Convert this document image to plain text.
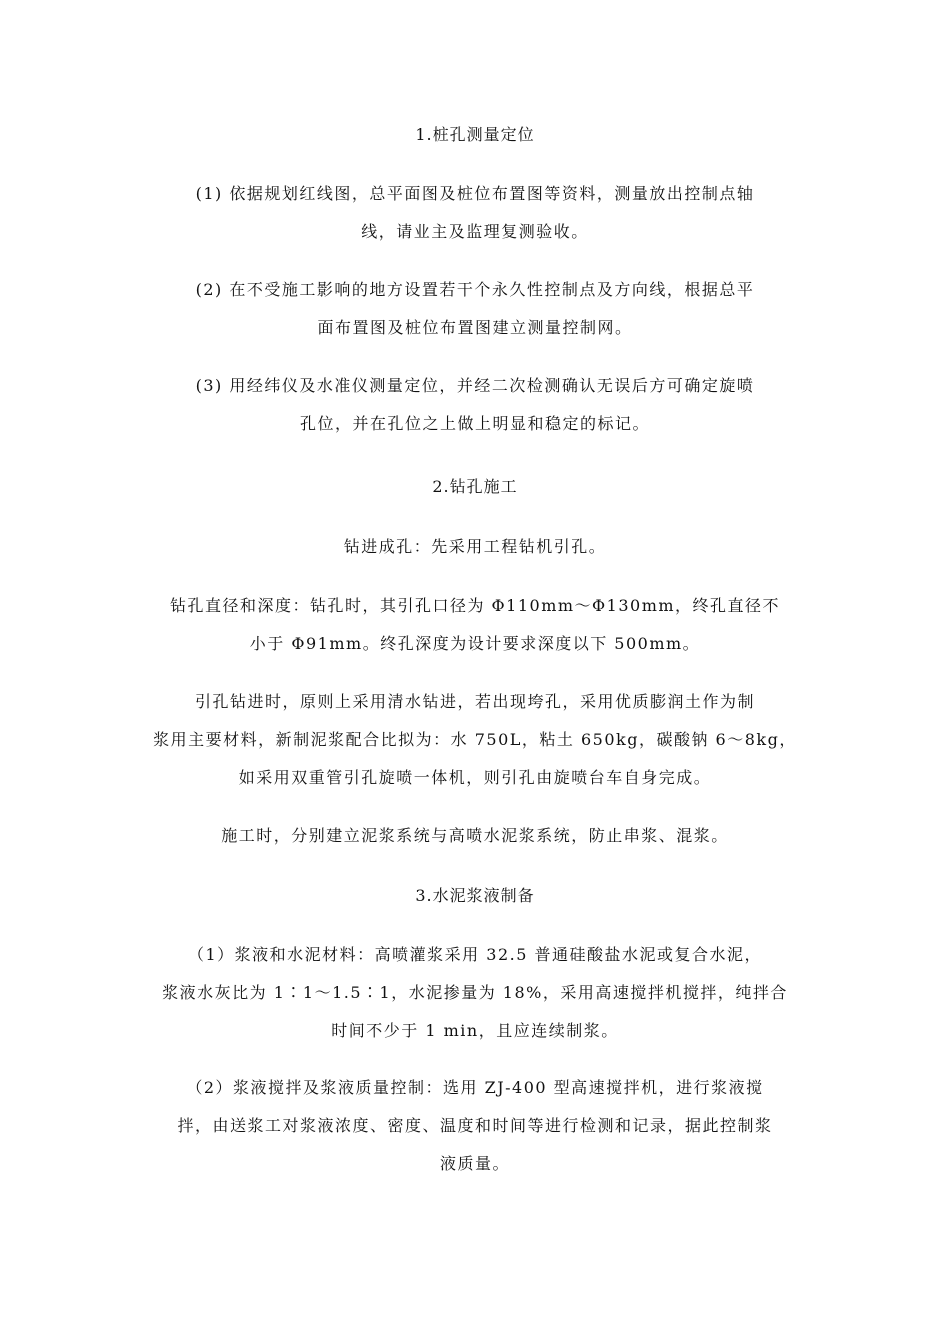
1.桩孔测量定位
(1) 依据规划红线图，总平面图及桩位布置图等资料，测量放出控制点轴
线，请业主及监理复测验收。
(2) 在不受施工影响的地方设置若干个永久性控制点及方向线，根据总平
面布置图及桩位布置图建立测量控制网。
(3) 用经纬仪及水准仪测量定位，并经二次检测确认无误后方可确定旋喷
孔位，并在孔位之上做上明显和稳定的标记。
2.钻孔施工
钻进成孔：先采用工程钻机引孔。
钻孔直径和深度：钻孔时，其引孔口径为 Φ110mm～Φ130mm，终孔直径不
小于 Φ91mm。终孔深度为设计要求深度以下 500mm。
引孔钻进时，原则上采用清水钻进，若出现垮孔，采用优质膨润土作为制
浆用主要材料，新制泥浆配合比拟为：水 750L，粘土 650kg，碳酸钠 6～8kg，
如采用双重管引孔旋喷一体机，则引孔由旋喷台车自身完成。
施工时，分别建立泥浆系统与高喷水泥浆系统，防止串浆、混浆。
3.水泥浆液制备
（1）浆液和水泥材料：高喷灌浆采用 32.5 普通硅酸盐水泥或复合水泥，
浆液水灰比为 1∶1～1.5∶1，水泥掺量为 18%，采用高速搅拌机搅拌，纯拌合
时间不少于 1 min，且应连续制浆。
（2）浆液搅拌及浆液质量控制：选用 ZJ-400 型高速搅拌机，进行浆液搅
拌，由送浆工对浆液浓度、密度、温度和时间等进行检测和记录，据此控制浆
液质量。
